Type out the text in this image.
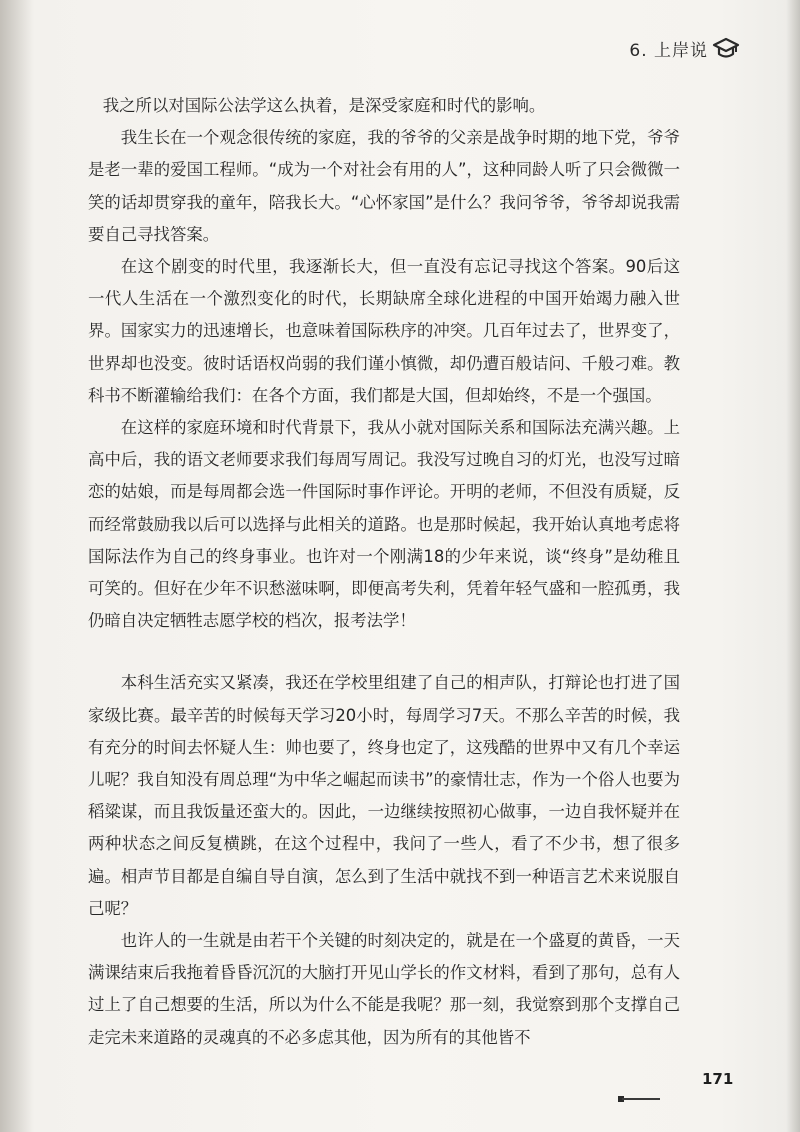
6. 上岸说

我之所以对国际公法学这么执着，是深受家庭和时代的影响。

我生长在一个观念很传统的家庭，我的爷爷的父亲是战争时期的地下党，爷爷是老一辈的爱国工程师。“成为一个对社会有用的人”，这种同龄人听了只会微微一笑的话却贯穿我的童年，陪我长大。“心怀家国”是什么？我问爷爷，爷爷却说我需要自己寻找答案。

在这个剧变的时代里，我逐渐长大，但一直没有忘记寻找这个答案。90后这一代人生活在一个激烈变化的时代，长期缺席全球化进程的中国开始竭力融入世界。国家实力的迅速增长，也意味着国际秩序的冲突。几百年过去了，世界变了，世界却也没变。彼时话语权尚弱的我们谨小慎微，却仍遭百般诘问、千般刁难。教科书不断灌输给我们：在各个方面，我们都是大国，但却始终，不是一个强国。

在这样的家庭环境和时代背景下，我从小就对国际关系和国际法充满兴趣。上高中后，我的语文老师要求我们每周写周记。我没写过晚自习的灯光，也没写过暗恋的姑娘，而是每周都会选一件国际时事作评论。开明的老师，不但没有质疑，反而经常鼓励我以后可以选择与此相关的道路。也是那时候起，我开始认真地考虑将国际法作为自己的终身事业。也许对一个刚满18的少年来说，谈“终身”是幼稚且可笑的。但好在少年不识愁滋味啊，即便高考失利，凭着年轻气盛和一腔孤勇，我仍暗自决定牺牲志愿学校的档次，报考法学！

本科生活充实又紧凑，我还在学校里组建了自己的相声队，打辩论也打进了国家级比赛。最辛苦的时候每天学习20小时，每周学习7天。不那么辛苦的时候，我有充分的时间去怀疑人生：帅也要了，终身也定了，这残酷的世界中又有几个幸运儿呢？我自知没有周总理“为中华之崛起而读书”的豪情壮志，作为一个俗人也要为稻粱谋，而且我饭量还蛮大的。因此，一边继续按照初心做事，一边自我怀疑并在两种状态之间反复横跳，在这个过程中，我问了一些人，看了不少书，想了很多遍。相声节目都是自编自导自演，怎么到了生活中就找不到一种语言艺术来说服自己呢？

也许人的一生就是由若干个关键的时刻决定的，就是在一个盛夏的黄昏，一天满课结束后我拖着昏昏沉沉的大脑打开见山学长的作文材料，看到了那句，总有人过上了自己想要的生活，所以为什么不能是我呢？那一刻，我觉察到那个支撑自己走完未来道路的灵魂真的不必多虑其他，因为所有的其他皆不

171
